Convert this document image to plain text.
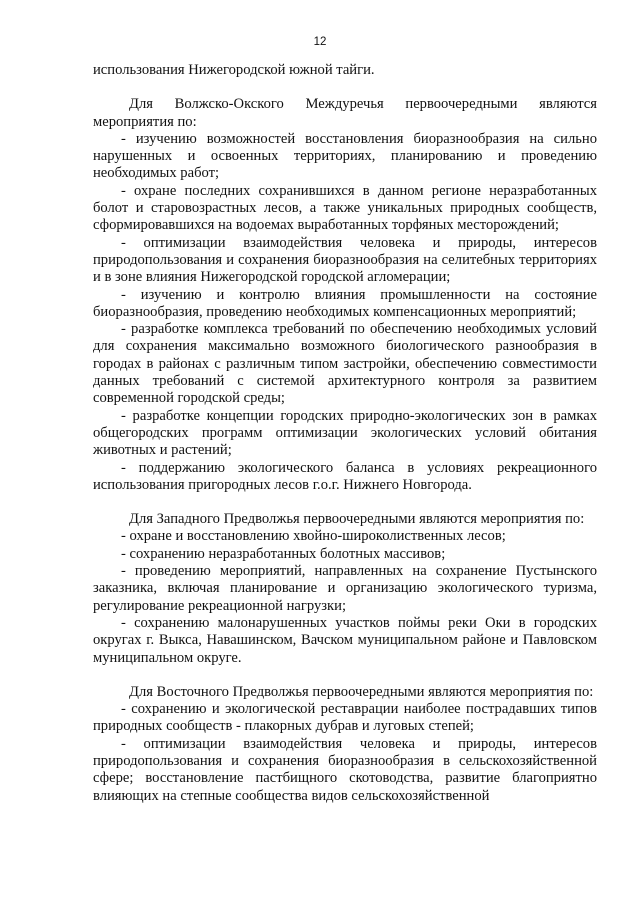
12

использования Нижегородской южной тайги.

Для Волжско-Окского Междуречья первоочередными являются мероприятия по:

- изучению возможностей восстановления биоразнообразия на сильно нарушенных и освоенных территориях, планированию и проведению необходимых работ;

- охране последних сохранившихся в данном регионе неразработанных болот и старовозрастных лесов, а также уникальных природных сообществ, сформировавшихся на водоемах выработанных торфяных месторождений;

- оптимизации взаимодействия человека и природы, интересов природопользования и сохранения биоразнообразия на селитебных территориях и в зоне влияния Нижегородской городской агломерации;

- изучению и контролю влияния промышленности на состояние биоразнообразия, проведению необходимых компенсационных мероприятий;

- разработке комплекса требований по обеспечению необходимых условий для сохранения максимально возможного биологического разнообразия в городах в районах с различным типом застройки, обеспечению совместимости данных требований с системой архитектурного контроля за развитием современной городской среды;

- разработке концепции городских природно-экологических зон в рамках общегородских программ оптимизации экологических условий обитания животных и растений;

- поддержанию экологического баланса в условиях рекреационного использования пригородных лесов г.о.г. Нижнего Новгорода.

Для Западного Предволжья первоочередными являются мероприятия по:

- охране и восстановлению хвойно-широколиственных лесов;

- сохранению неразработанных болотных массивов;

- проведению мероприятий, направленных на сохранение Пустынского заказника, включая планирование и организацию экологического туризма, регулирование рекреационной нагрузки;

- сохранению малонарушенных участков поймы реки Оки в городских округах г. Выкса, Навашинском, Вачском муниципальном районе и Павловском муниципальном округе.

Для Восточного Предволжья первоочередными являются мероприятия по:

- сохранению и экологической реставрации наиболее пострадавших типов природных сообществ - плакорных дубрав и луговых степей;

- оптимизации взаимодействия человека и природы, интересов природопользования и сохранения биоразнообразия в сельскохозяйственной сфере; восстановление пастбищного скотоводства, развитие благоприятно влияющих на степные сообщества видов сельскохозяйственной
